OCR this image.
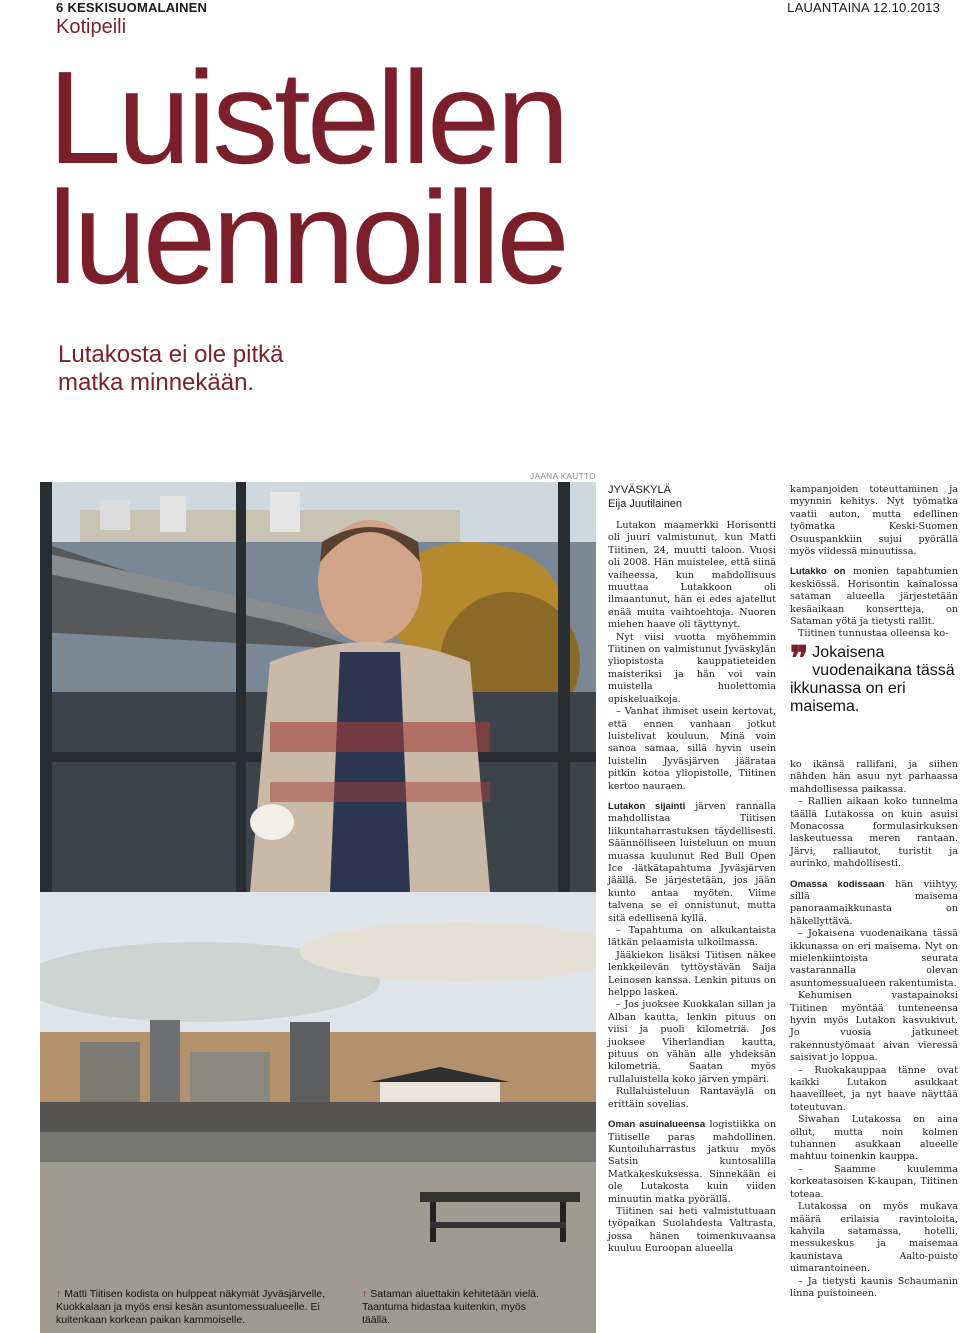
6 KESKISUOMALAINEN	LAUANTAINA 12.10.2013
Kotipeili
Luistellen
luennoille
Lutakosta ei ole pitkä
matka minnekään.
JAANA KAUTTO
↑ Matti Tiitisen kodista on hulppeat näkymät Jyväsjärvelle, Kuokkalaan ja myös ensi kesän asuntomessualueelle. Ei kuitenkaan korkean paikan kammoiselle.
↑ Sataman aluettakin kehitetään vielä. Taantuma hidastaa kuitenkin, myös täällä.
JYVÄSKYLÄ
Eija Juutilainen

Lutakon maamerkki Horisontti oli juuri valmistunut, kun Matti Tiitinen, 24, muutti taloon. Vuosi oli 2008. Hän muistelee, että siinä vaiheessa, kun mahdollisuus muuttaa Lutakkoon oli ilmaantunut, hän ei edes ajatellut enää muita vaihtoehtoja. Nuoren miehen haave oli täyttynyt.

Nyt viisi vuotta myöhemmin Tiitinen on valmistunut Jyväskylän yliopistosta kauppatieteiden maisteriksi ja hän voi vain muistella huolettomia opiskeluaikoja.

– Vanhat ihmiset usein kertovat, että ennen vanhaan jotkut luistelivat kouluun. Minä voin sanoa samaa, sillä hyvin usein luistelin Jyväsjärven jäärataa pitkin kotoa yliopistolle, Tiitinen kertoo nauraen.

Lutakon sijainti järven rannalla mahdollistaa Tiitisen liikuntaharrastuksen täydellisesti. Säännölliseen luisteluun on muun muassa kuulunut Red Bull Open Ice -lätkätapahtuma Jyväsjärven jäällä. Se järjestetään, jos jään kunto antaa myöten. Viime talvena se ei onnistunut, mutta sitä edellisenä kyllä.

– Tapahtuma on alkukantaista lätkän pelaamista ulkoilmassa.

Jääkiekon lisäksi Tiitisen näkee lenkkeilevän tyttöystävän Saija Leinosen kanssa. Lenkin pituus on helppo laskea.

– Jos juoksee Kuokkalan sillan ja Alban kautta, lenkin pituus on viisi ja puoli kilometriä. Jos juoksee Viherlandian kautta, pituus on vähän alle yhdeksän kilometriä. Saatan myös rullaluistella koko järven ympäri.

Rullaluisteluun Rantaväylä on erittäin sovelias.

Oman asuinalueensa logistiikka on Tiitiselle paras mahdollinen. Kuntoiluharrastus jatkuu myös Satsin kuntosalilla Matkakeskuksessa. Sinnekään ei ole Lutakosta kuin viiden minuutin matka pyörällä.

Tiitinen sai heti valmistuttuaan työpaikan Suolahdesta Valtrasta, jossa hänen toimenkuvaansa kuuluu Euroopan alueella

kampanjoiden toteuttaminen ja myynnin kehitys. Nyt työmatka vaatii auton, mutta edellinen työmatka Keski-Suomen Osuuspankkiin sujui pyörällä myös viidessä minuutissa.

Lutakko on monien tapahtumien keskiössä. Horisontin kainalossa sataman alueella järjestetään kesäaikaan konsertteja, on Sataman yötä ja tietysti rallit.

Tiitinen tunnustaa olleensa ko-

ko ikänsä rallifani, ja siihen nähden hän asuu nyt parhaassa mahdollisessa paikassa.

– Rallien aikaan koko tunnelma täällä Lutakossa on kuin asuisi Monacossa formulasirkuksen laskeutuessa meren rantaan. Järvi, ralliautot, turistit ja aurinko, mahdollisesti.

Omassa kodissaan hän viihtyy, sillä maisema panoraamaikkunasta on häkellyttävä.

– Jokaisena vuodenaikana tässä ikkunassa on eri maisema. Nyt on mielenkiintoista seurata vastarannalla olevan asuntomessualueen rakentumista.

Kehumisen vastapainoksi Tiitinen myöntää tunteneensa hyvin myös Lutakon kasvukivut. Jo vuosia jatkuneet rakennustyömaat aivan vieressä saisivat jo loppua.

– Ruokakauppaa tänne ovat kaikki Lutakon asukkaat haaveilleet, ja nyt haave näyttää toteutuvan.

Siwahan Lutakossa on aina ollut, mutta noin kolmen tuhannen asukkaan alueelle mahtuu toinenkin kauppa.

– Saamme kuulemma korkeatasoisen K-kaupan, Tiitinen toteaa.

Lutakossa on myös mukava määrä erilaisia ravintoloita, kahvila satamassa, hotelli, messukeskus ja maisemaa kaunistava Aalto-puisto uimarantoineen.

– Ja tietysti kaunis Schaumanin linna puistoineen.

❞ Jokaisena vuodenaikana tässä ikkunassa on eri maisema.
